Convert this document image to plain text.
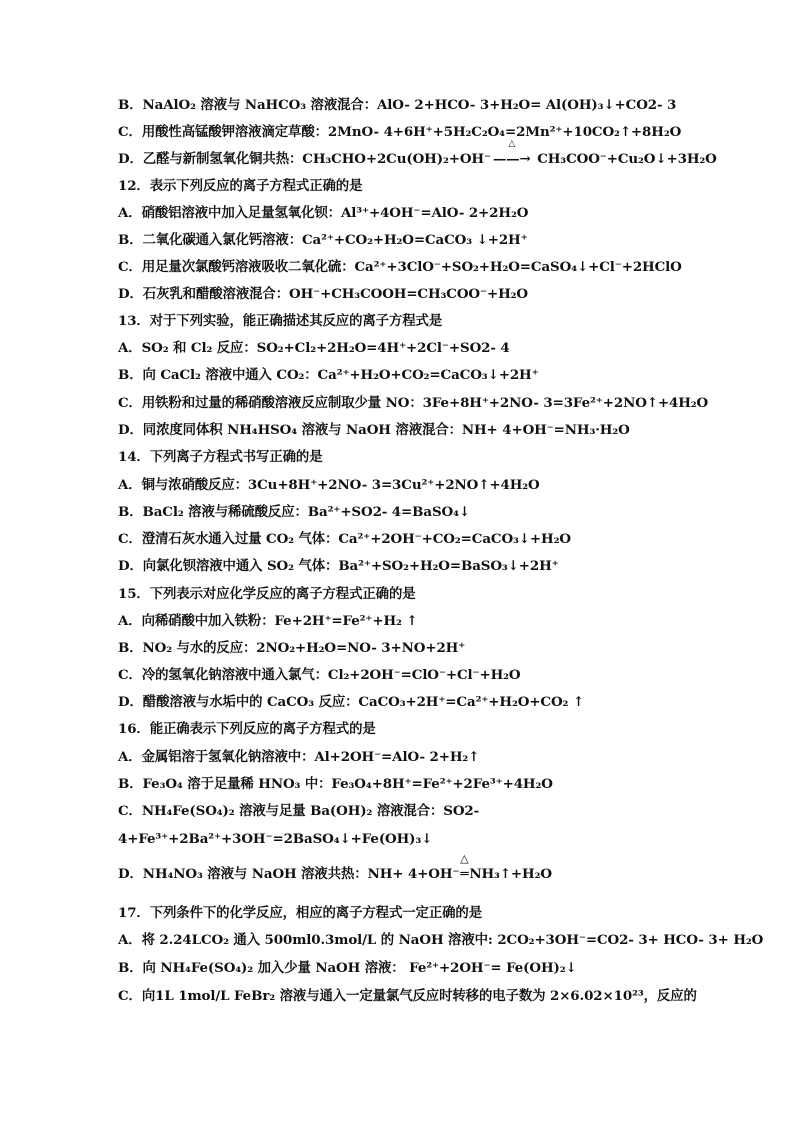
B．NaAlO₂ 溶液与 NaHCO₃ 溶液混合：AlO- 2+HCO- 3+H₂O= Al(OH)₃↓+CO2- 3
C．用酸性高锰酸钾溶液滴定草酸：2MnO- 4+6H⁺+5H₂C₂O₄=2Mn²⁺+10CO₂↑+8H₂O
D．乙醛与新制氢氧化铜共热：CH₃CHO+2Cu(OH)₂+OH⁻
△
——→ CH₃COO⁻+Cu₂O↓+3H₂O
12．表示下列反应的离子方程式正确的是
A．硝酸铝溶液中加入足量氢氧化钡：Al³⁺+4OH⁻=AlO- 2+2H₂O
B．二氧化碳通入氯化钙溶液：Ca²⁺+CO₂+H₂O=CaCO₃ ↓+2H⁺
C．用足量次氯酸钙溶液吸收二氧化硫：Ca²⁺+3ClO⁻+SO₂+H₂O=CaSO₄↓+Cl⁻+2HClO
D．石灰乳和醋酸溶液混合：OH⁻+CH₃COOH=CH₃COO⁻+H₂O
13．对于下列实验，能正确描述其反应的离子方程式是
A．SO₂ 和 Cl₂ 反应：SO₂+Cl₂+2H₂O=4H⁺+2Cl⁻+SO2- 4
B．向 CaCl₂ 溶液中通入 CO₂：Ca²⁺+H₂O+CO₂=CaCO₃↓+2H⁺
C．用铁粉和过量的稀硝酸溶液反应制取少量 NO：3Fe+8H⁺+2NO- 3=3Fe²⁺+2NO↑+4H₂O
D．同浓度同体积 NH₄HSO₄ 溶液与 NaOH 溶液混合：NH+ 4+OH⁻=NH₃·H₂O
14．下列离子方程式书写正确的是
A．铜与浓硝酸反应：3Cu+8H⁺+2NO- 3=3Cu²⁺+2NO↑+4H₂O
B．BaCl₂ 溶液与稀硫酸反应：Ba²⁺+SO2- 4=BaSO₄↓
C．澄清石灰水通入过量 CO₂ 气体：Ca²⁺+2OH⁻+CO₂=CaCO₃↓+H₂O
D．向氯化钡溶液中通入 SO₂ 气体：Ba²⁺+SO₂+H₂O=BaSO₃↓+2H⁺
15．下列表示对应化学反应的离子方程式正确的是
A．向稀硝酸中加入铁粉：Fe+2H⁺=Fe²⁺+H₂ ↑
B．NO₂ 与水的反应：2NO₂+H₂O=NO- 3+NO+2H⁺
C．冷的氢氧化钠溶液中通入氯气：Cl₂+2OH⁻=ClO⁻+Cl⁻+H₂O
D．醋酸溶液与水垢中的 CaCO₃ 反应：CaCO₃+2H⁺=Ca²⁺+H₂O+CO₂ ↑
16．能正确表示下列反应的离子方程式的是
A．金属铝溶于氢氧化钠溶液中：Al+2OH⁻=AlO- 2+H₂↑
B．Fe₃O₄ 溶于足量稀 HNO₃ 中：Fe₃O₄+8H⁺=Fe²⁺+2Fe³⁺+4H₂O
C．NH₄Fe(SO₄)₂ 溶液与足量 Ba(OH)₂ 溶液混合：SO2-
4+Fe³⁺+2Ba²⁺+3OH⁻=2BaSO₄↓+Fe(OH)₃↓
D．NH₄NO₃ 溶液与 NaOH 溶液共热：NH+ 4+OH⁻
△
═NH₃↑+H₂O
17．下列条件下的化学反应，相应的离子方程式一定正确的是
A．将 2.24LCO₂ 通入 500ml0.3mol/L 的 NaOH 溶液中: 2CO₂+3OH⁻=CO2- 3+ HCO- 3+ H₂O
B．向 NH₄Fe(SO₄)₂ 加入少量 NaOH 溶液： Fe²⁺+2OH⁻= Fe(OH)₂↓
C．向1L 1mol/L FeBr₂ 溶液与通入一定量氯气反应时转移的电子数为 2×6.02×10²³，反应的
